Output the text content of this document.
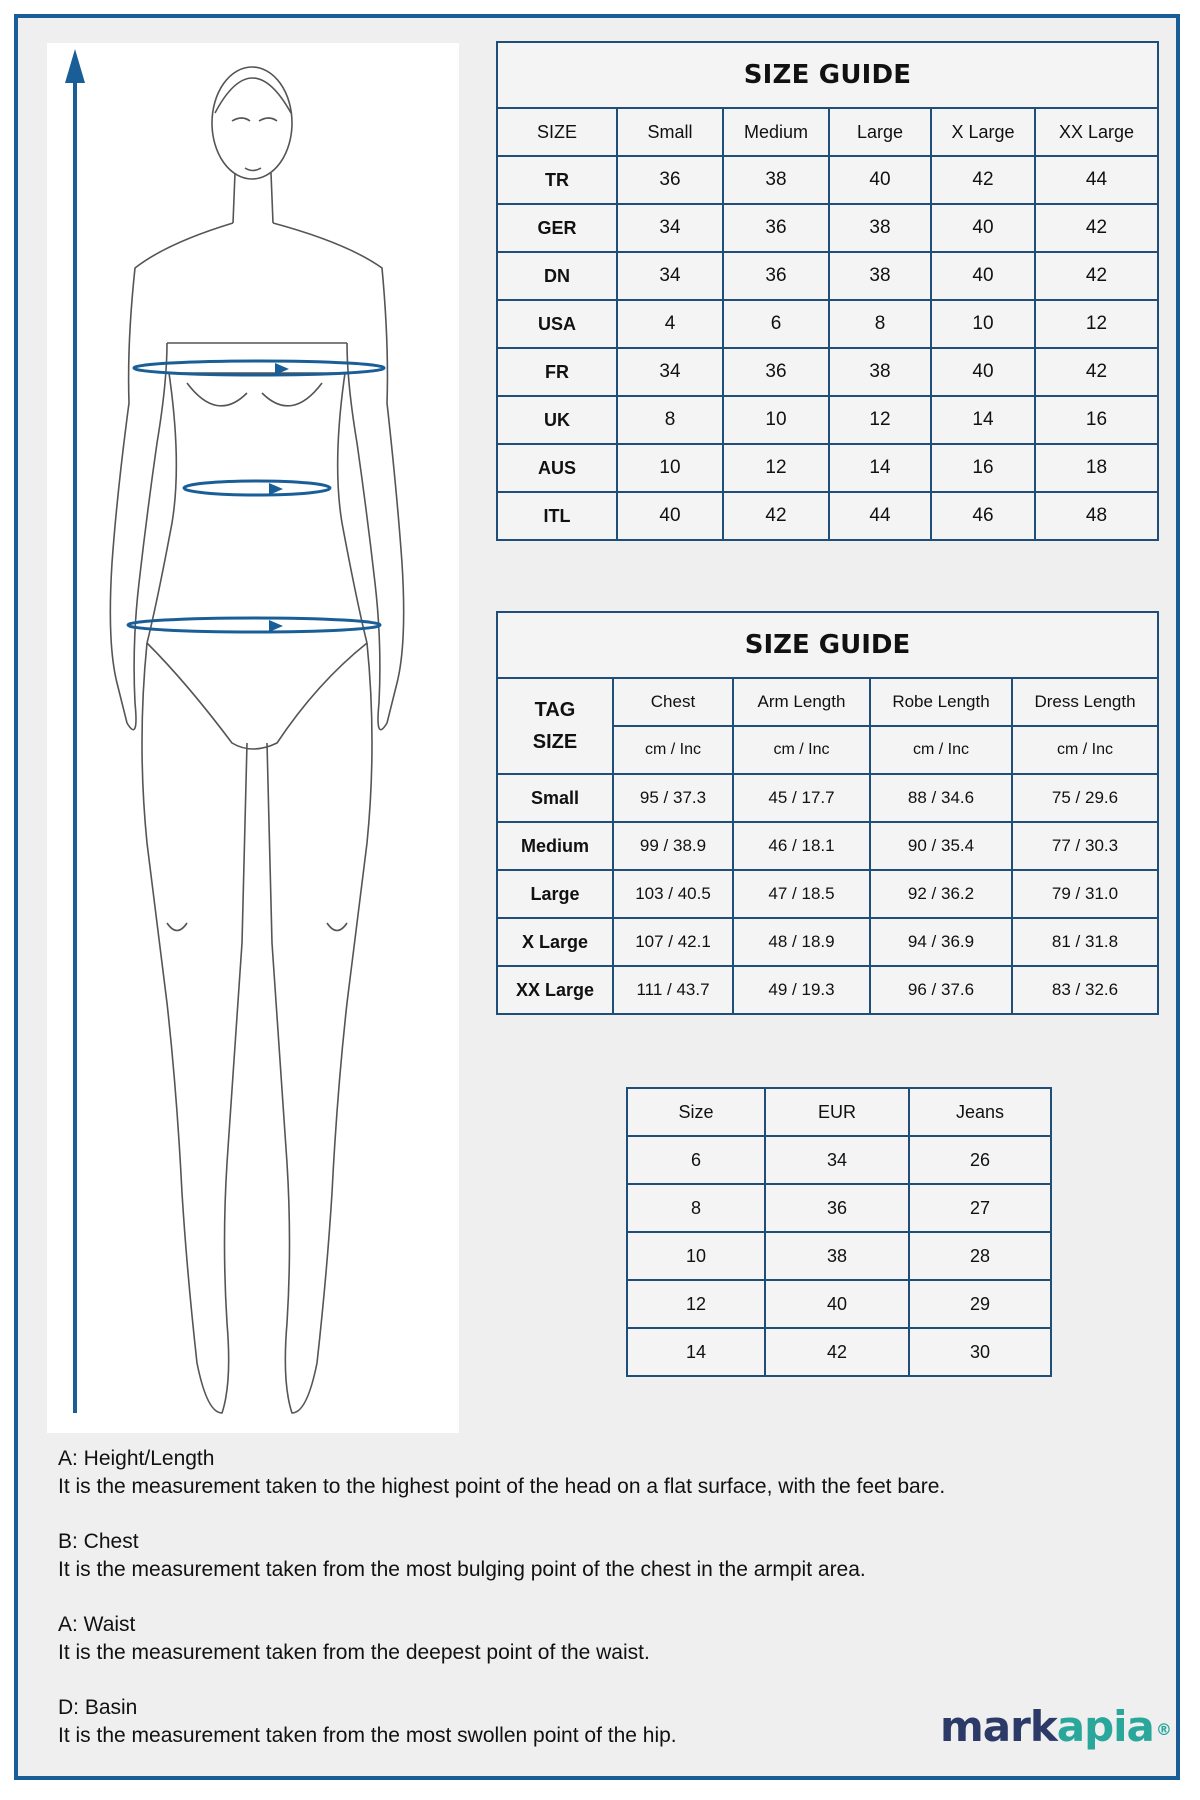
SIZE GUIDE					
SIZE	Small	Medium	Large	X Large	XX Large
TR	36	38	40	42	44
GER	34	36	38	40	42
DN	34	36	38	40	42
USA	4	6	8	10	12
FR	34	36	38	40	42
UK	8	10	12	14	16
AUS	10	12	14	16	18
ITL	40	42	44	46	48
SIZE GUIDE				
TAG
SIZE	Chest	Arm Length	Robe Length	Dress Length
	cm / Inc	cm / Inc	cm / Inc	cm / Inc
Small	95 / 37.3	45 / 17.7	88 / 34.6	75 / 29.6
Medium	99 / 38.9	46 / 18.1	90 / 35.4	77 / 30.3
Large	103 / 40.5	47 / 18.5	92 / 36.2	79 / 31.0
X Large	107 / 42.1	48 / 18.9	94 / 36.9	81 / 31.8
XX Large	111 / 43.7	49 / 19.3	96 / 37.6	83 / 32.6
Size	EUR	Jeans
6	34	26
8	36	27
10	38	28
12	40	29
14	42	30
A: Height/Length
It is the measurement taken to the highest point of the head on a flat surface, with the feet bare.
B: Chest
It is the measurement taken from the most bulging point of the chest in the armpit area.
A: Waist
It is the measurement taken from the deepest point of the waist.
D: Basin
It is the measurement taken from the most swollen point of the hip.	markapia ®
